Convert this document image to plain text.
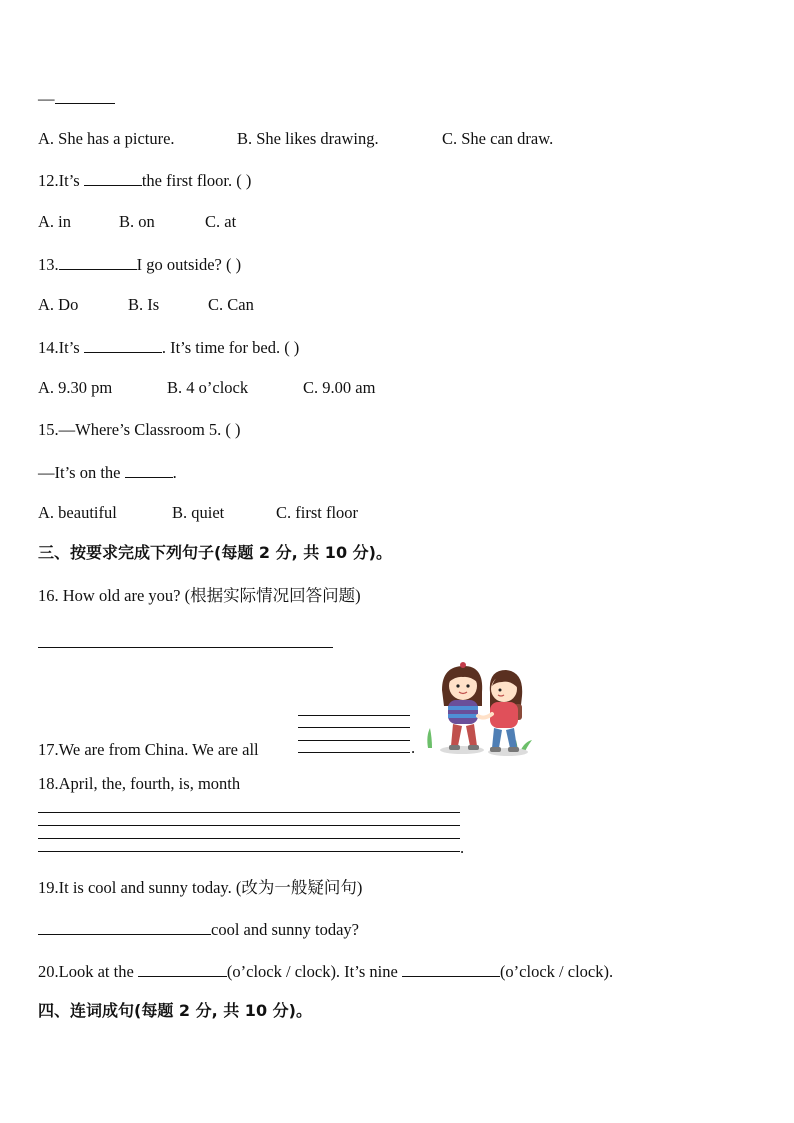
—
A. She has a picture.	B. She likes drawing.	C. She can draw.
12.It’s	the first floor. ( )
A. in	B. on	C. at
13.	I go outside? ( )
A. Do	B. Is	C. Can
14.It’s	. It’s time for bed. ( )
A. 9.30 pm	B. 4 o’clock	C. 9.00 am
15.—Where’s Classroom 5. ( )
—It’s on the	.
A. beautiful	B. quiet	C. first floor
三、按要求完成下列句子(每题 2 分, 共 10 分)。
16. How old are you? (根据实际情况回答问题)
17.We are from China. We are all	.
18.April, the, fourth, is, month
.
19.It is cool and sunny today. (改为一般疑问句)
cool and sunny today?
20.Look at the	(o’clock / clock). It’s nine	(o’clock / clock).
四、连词成句(每题 2 分, 共 10 分)。
